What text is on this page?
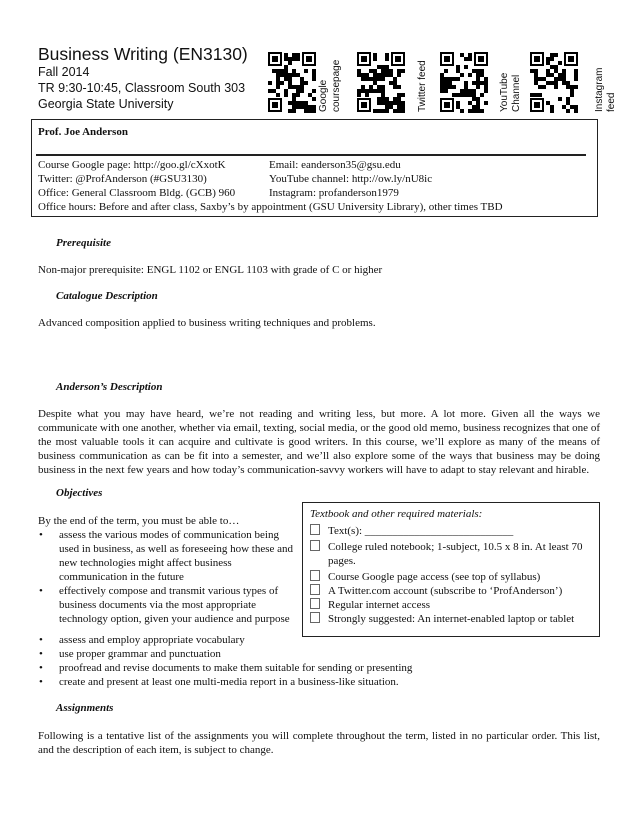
Business Writing (EN3130)
Fall 2014
TR 9:30-10:45, Classroom South 303
Georgia State University	Google coursepage	Twitter feed	YouTube Channel	Instagram feed
Prof. Joe Anderson
Course Google page: http://goo.gl/cXxotK	Email: eanderson35@gsu.edu
Twitter: @ProfAnderson (#GSU3130)	YouTube channel: http://ow.ly/nU8ic
Office: General Classroom Bldg. (GCB) 960	Instagram: profanderson1979
Office hours: Before and after class, Saxby’s by appointment (GSU University Library), other times TBD
Prerequisite
Non-major prerequisite: ENGL 1102 or ENGL 1103 with grade of C or higher
Catalogue Description
Advanced composition applied to business writing techniques and problems.
Anderson’s Description
Despite what you may have heard, we’re not reading and writing less, but more. A lot more. Given all the ways we communicate with one another, whether via email, texting, social media, or the good old memo, business recognizes that one of the most valuable tools it can acquire and cultivate is good writers. In this course, we’ll explore as many of the means of business communication as can be fit into a semester, and we’ll also explore some of the ways that business may be doing business in the next few years and how today’s communication-savvy workers will have to adapt to stay relevant and hirable.
Objectives
By the end of the term, you must be able to…
• assess the various modes of communication being used in business, as well as foreseeing how these and new technologies might affect business communication in the future
• effectively compose and transmit various types of business documents via the most appropriate technology option, given your audience and purpose
• assess and employ appropriate vocabulary
• use proper grammar and punctuation
• proofread and revise documents to make them suitable for sending or presenting
• create and present at least one multi-media report in a business-like situation.
Textbook and other required materials:
Text(s): ___________________________
College ruled notebook; 1-subject, 10.5 x 8 in. At least 70 pages.
Course Google page access (see top of syllabus)
A Twitter.com account (subscribe to ‘ProfAnderson’)
Regular internet access
Strongly suggested: An internet-enabled laptop or tablet
Assignments
Following is a tentative list of the assignments you will complete throughout the term, listed in no particular order. This list, and the description of each item, is subject to change.
